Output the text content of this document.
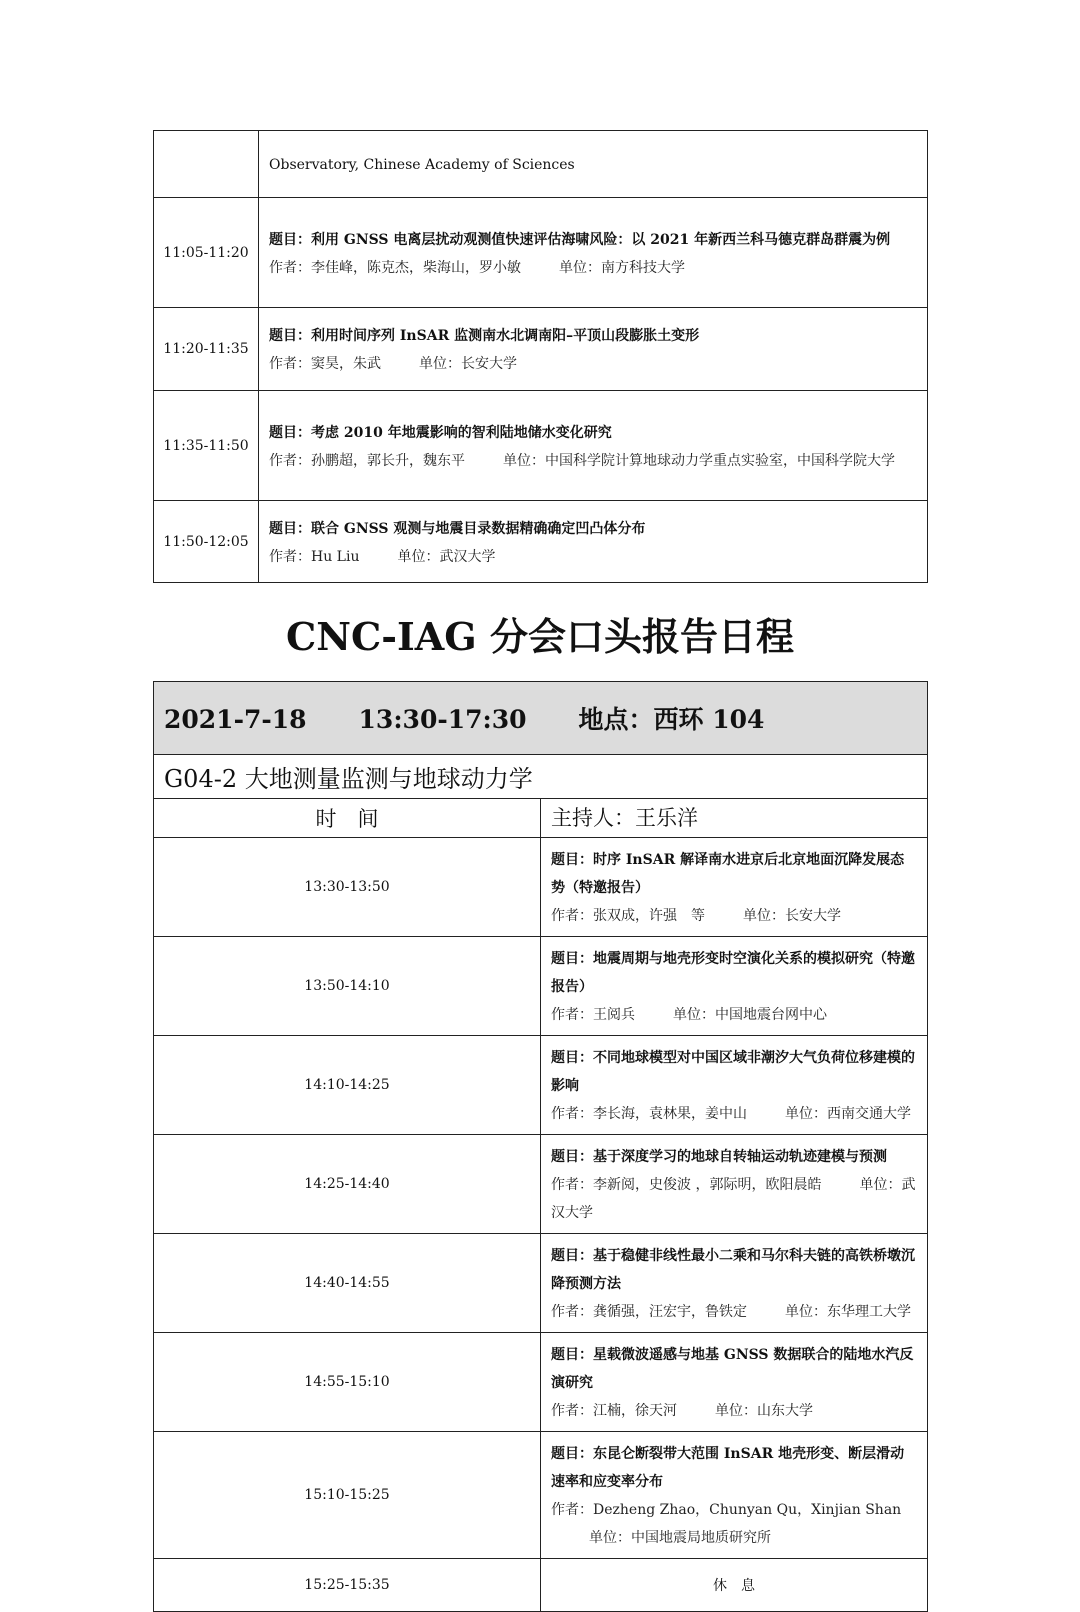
	Observatory, Chinese Academy of Sciences
11:05-11:20	题目：利用 GNSS 电离层扰动观测值快速评估海啸风险：以 2021 年新西兰科马德克群岛群震为例
作者：李佳峰，陈克杰，柴海山，罗小敏 单位：南方科技大学

11:20-11:35	题目：利用时间序列 InSAR 监测南水北调南阳–平顶山段膨胀土变形
作者：窦昊，朱武 单位：长安大学

11:35-11:50	题目：考虑 2010 年地震影响的智利陆地储水变化研究
作者：孙鹏超，郭长升，魏东平 单位：中国科学院计算地球动力学重点实验室，中国科学院大学

11:50-12:05	题目：联合 GNSS 观测与地震目录数据精确确定凹凸体分布
作者：Hu Liu 单位：武汉大学
CNC-IAG 分会口头报告日程
2021-7-18 13:30-17:30 地点：西环 104	
G04-2 大地测量监测与地球动力学	
时　间	主持人：王乐洋
13:30-13:50	题目：时序 InSAR 解译南水进京后北京地面沉降发展态势（特邀报告）
作者：张双成，许强　等 单位：长安大学

13:50-14:10	题目：地震周期与地壳形变时空演化关系的模拟研究（特邀报告）
作者：王阅兵 单位：中国地震台网中心

14:10-14:25	题目：不同地球模型对中国区域非潮汐大气负荷位移建模的影响
作者：李长海，袁林果，姜中山 单位：西南交通大学

14:25-14:40	题目：基于深度学习的地球自转轴运动轨迹建模与预测
作者：李新阅，史俊波 ，郭际明，欧阳晨皓 单位：武汉大学

14:40-14:55	题目：基于稳健非线性最小二乘和马尔科夫链的高铁桥墩沉降预测方法
作者：龚循强，汪宏宇，鲁铁定 单位：东华理工大学

14:55-15:10	题目：星载微波遥感与地基 GNSS 数据联合的陆地水汽反演研究
作者：江楠，徐天河 单位：山东大学

15:10-15:25	题目：东昆仑断裂带大范围 InSAR 地壳形变、断层滑动速率和应变率分布
作者：Dezheng Zhao，Chunyan Qu，Xinjian Shan单位：中国地震局地质研究所

15:25-15:35	休　息
